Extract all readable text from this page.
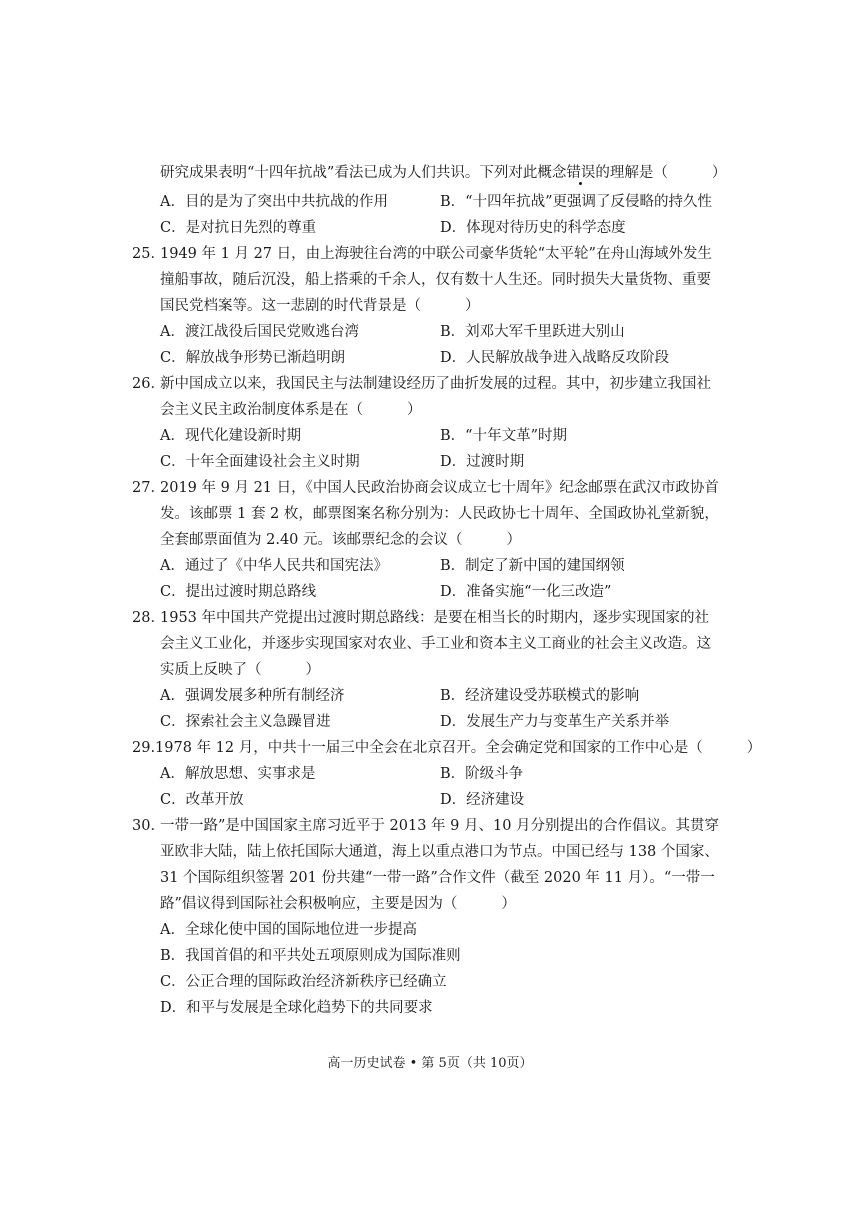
研究成果表明“十四年抗战”看法已成为人们共识。下列对此概念错误的理解是（	）
A．目的是为了突出中共抗战的作用	B．“十四年抗战”更强调了反侵略的持久性
C．是对抗日先烈的尊重	D．体现对待历史的科学态度
25．1949 年 1 月 27 日，由上海驶往台湾的中联公司豪华货轮“太平轮”在舟山海域外发生
撞船事故，随后沉没，船上搭乘的千余人，仅有数十人生还。同时损失大量货物、重要
国民党档案等。这一悲剧的时代背景是（	）
A．渡江战役后国民党败逃台湾	B．刘邓大军千里跃进大别山
C．解放战争形势已渐趋明朗	D．人民解放战争进入战略反攻阶段
26．新中国成立以来，我国民主与法制建设经历了曲折发展的过程。其中，初步建立我国社
会主义民主政治制度体系是在（	）
A．现代化建设新时期	B．“十年文革”时期
C．十年全面建设社会主义时期	D．过渡时期
27．2019 年 9 月 21 日，《中国人民政治协商会议成立七十周年》纪念邮票在武汉市政协首
发。该邮票 1 套 2 枚，邮票图案名称分别为：人民政协七十周年、全国政协礼堂新貌，
全套邮票面值为 2.40 元。该邮票纪念的会议（	）
A．通过了《中华人民共和国宪法》	B．制定了新中国的建国纲领
C．提出过渡时期总路线	D．准备实施“一化三改造”
28．1953 年中国共产党提出过渡时期总路线：是要在相当长的时期内，逐步实现国家的社
会主义工业化，并逐步实现国家对农业、手工业和资本主义工商业的社会主义改造。这
实质上反映了（	）
A．强调发展多种所有制经济	B．经济建设受苏联模式的影响
C．探索社会主义急躁冒进	D．发展生产力与变革生产关系并举
29.1978 年 12 月，中共十一届三中全会在北京召开。全会确定党和国家的工作中心是（	）
A．解放思想、实事求是	B．阶级斗争
C．改革开放	D．经济建设
30．一带一路”是中国国家主席习近平于 2013 年 9 月、10 月分别提出的合作倡议。其贯穿
亚欧非大陆，陆上依托国际大通道，海上以重点港口为节点。中国已经与 138 个国家、
31 个国际组织签署 201 份共建“一带一路”合作文件（截至 2020 年 11 月）。“一带一
路”倡议得到国际社会积极响应，主要是因为（	）
A．全球化使中国的国际地位进一步提高
B．我国首倡的和平共处五项原则成为国际准则
C．公正合理的国际政治经济新秩序已经确立
D．和平与发展是全球化趋势下的共同要求
高一历史试卷 • 第 5页（共 10页）
